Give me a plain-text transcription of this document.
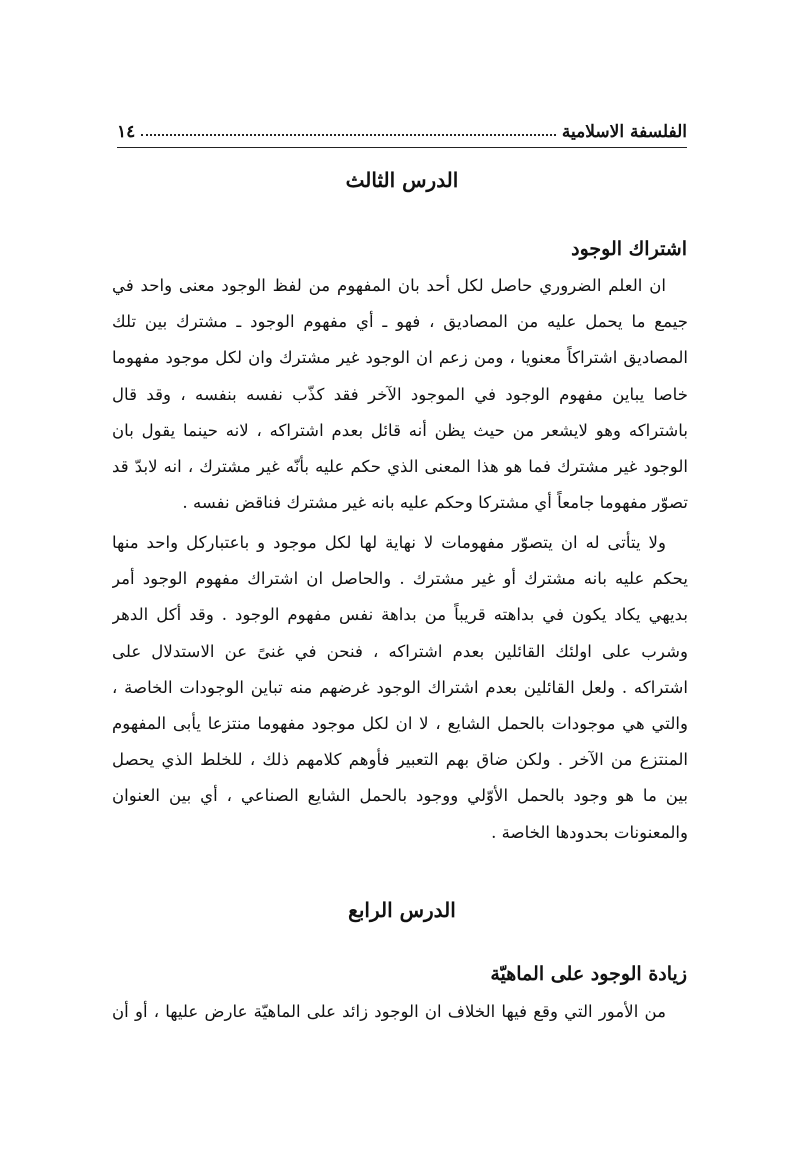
الفلسفة الاسلامية
١٤
الدرس الثالث
اشتراك الوجود
ان العلم الضروري حاصل لكل أحد بان المفهوم من لفظ الوجود معنى واحد في
جيمع ما يحمل عليه من المصاديق ، فهو ـ أي مفهوم الوجود ـ مشترك بين تلك
المصاديق اشتراكاً معنويا ، ومن زعم ان الوجود غير مشترك وان لكل موجود مفهوما
خاصا يباين مفهوم الوجود في الموجود الآخر فقد كذّب نفسه بنفسه ، وقد قال
باشتراكه وهو لايشعر من حيث يظن أنه قائل بعدم اشتراكه ، لانه حينما يقول بان
الوجود غير مشترك فما هو هذا المعنى الذي حكم عليه بأنّه غير مشترك ، انه لابدّ قد
تصوّر مفهوما جامعاً أي مشتركا وحكم عليه بانه غير مشترك فناقض نفسه .
ولا يتأتى له ان يتصوّر مفهومات لا نهاية لها لكل موجود و باعتباركل واحد منها
يحكم عليه بانه مشترك أو غير مشترك . والحاصل ان اشتراك مفهوم الوجود أمر
بديهي يكاد يكون في بداهته قريباً من بداهة نفس مفهوم الوجود . وقد أكل الدهر
وشرب على اولئك القائلين بعدم اشتراكه ، فنحن في غنىً عن الاستدلال على
اشتراكه . ولعل القائلين بعدم اشتراك الوجود غرضهم منه تباين الوجودات الخاصة ،
والتي هي موجودات بالحمل الشايع ، لا ان لكل موجود مفهوما منتزعا يأبى المفهوم
المنتزع من الآخر . ولكن ضاق بهم التعبير فأوهم كلامهم ذلك ، للخلط الذي يحصل
بين ما هو وجود بالحمل الأوّلي ووجود بالحمل الشايع الصناعي ، أي بين العنوان
والمعنونات بحدودها الخاصة .
الدرس الرابع
زيادة الوجود على الماهيّة
من الأمور التي وقع فيها الخلاف ان الوجود زائد على الماهيّة عارض عليها ، أو أن
